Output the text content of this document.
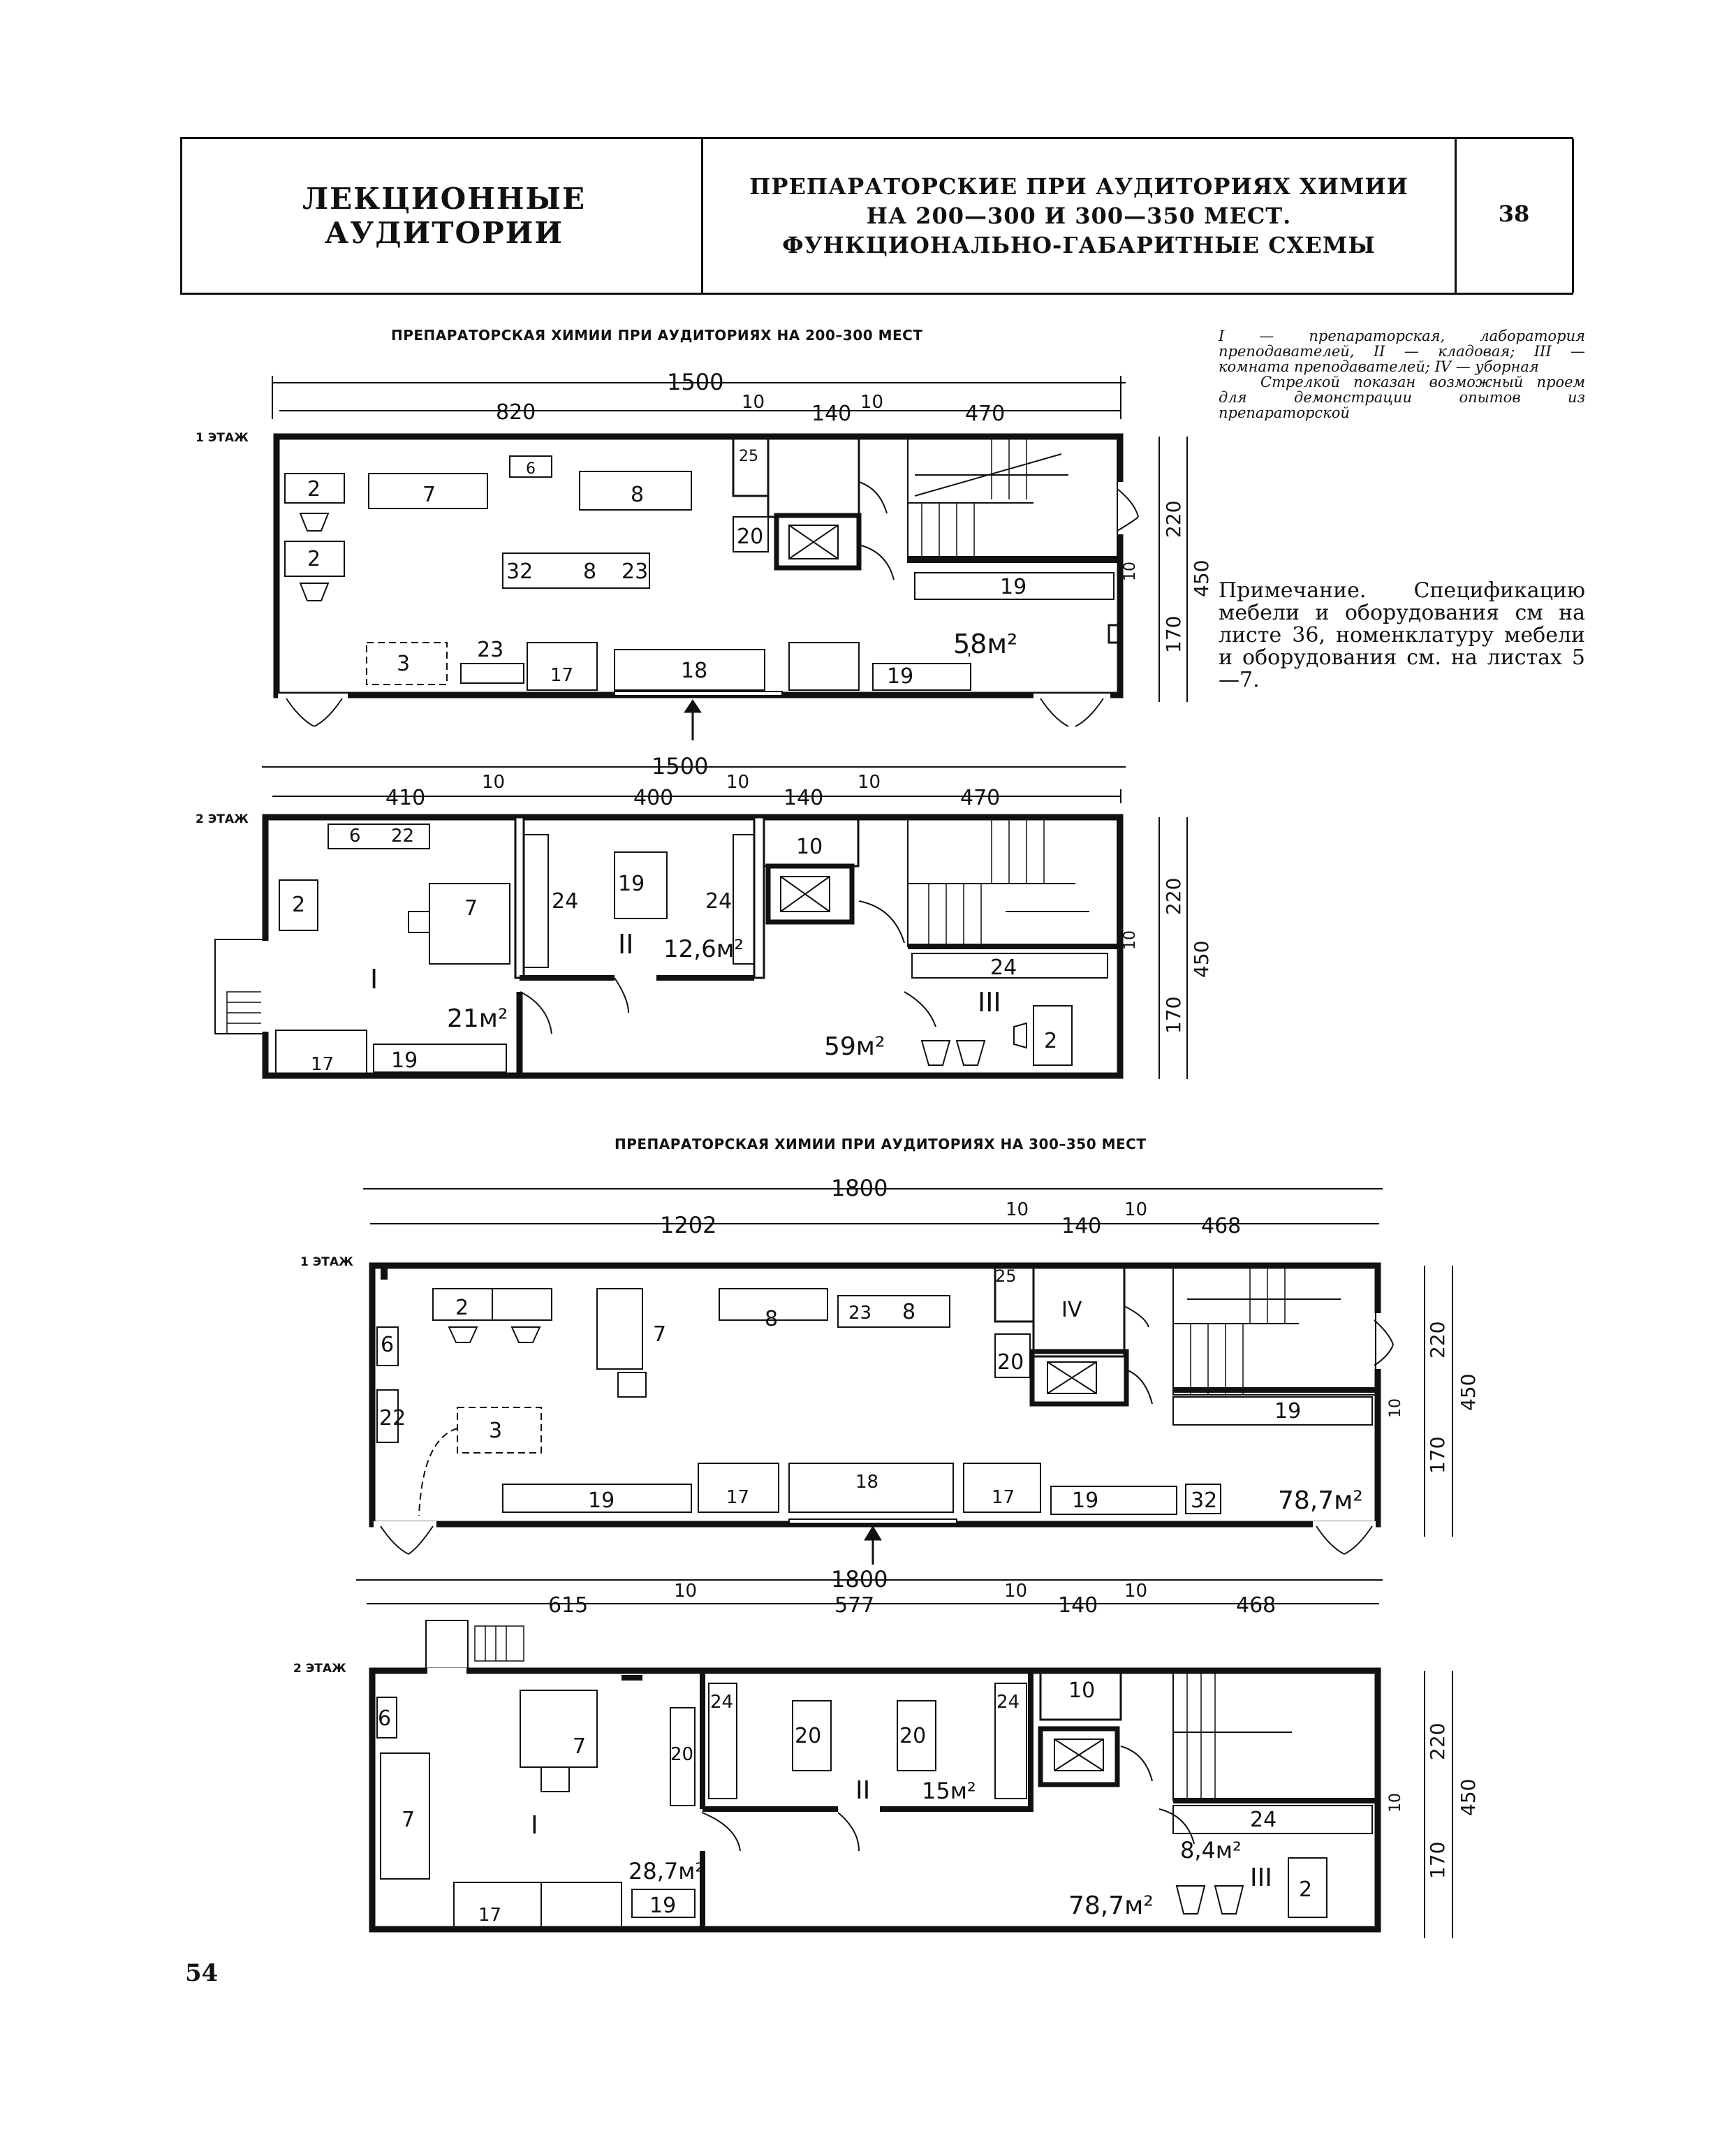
ЛЕКЦИОННЫЕ АУДИТОРИИ
ПРЕПАРАТОРСКИЕ ПРИ АУДИТОРИЯХ ХИМИИ
НА 200—300 И 300—350 МЕСТ.
ФУНКЦИОНАЛЬНО-ГАБАРИТНЫЕ СХЕМЫ
38
ПРЕПАРАТОРСКАЯ ХИМИИ ПРИ АУДИТОРИЯХ НА 200–300 МЕСТ
ПРЕПАРАТОРСКАЯ ХИМИИ ПРИ АУДИТОРИЯХ НА 300–350 МЕСТ

I — препараторская, лаборатория преподавателей, II — кладовая; III — комната преподавателей; IV — уборная

Стрелкой показан возможный проем для демонстрации опытов из препараторской

Примечание. Спецификацию мебели и оборудования см на листе 36, номенклатуру мебели и оборудования см. на листах 5—7.
1 ЭТАЖ
2 ЭТАЖ
1 ЭТАЖ
2 ЭТАЖ
1500
820	10 140 10	470
2	7
6
8
2
32 8 23
25
20
19
3
23
17	18	19
58м²
220
10
170
450
1500
410
10
400
10
140
10
470
6 22
2	7	24
19
24
10
24
17	19
2
21м²
12,6м²
59м²
I
II
III
220
10
170
450
1800
1202
10
140
10
468
2
7
8	23 8
25
IV
20
6
22
3
19
17
18
17	19	32
19	78,7м²
220
10
170
450
1800
615
10
577
10
140
10
468
6
7
7	20
24
20	20
24 10
24
17	19
2
28,7м²
15м²
8,4м²
78,7м²
I
II
III
220
10
170
450
54
